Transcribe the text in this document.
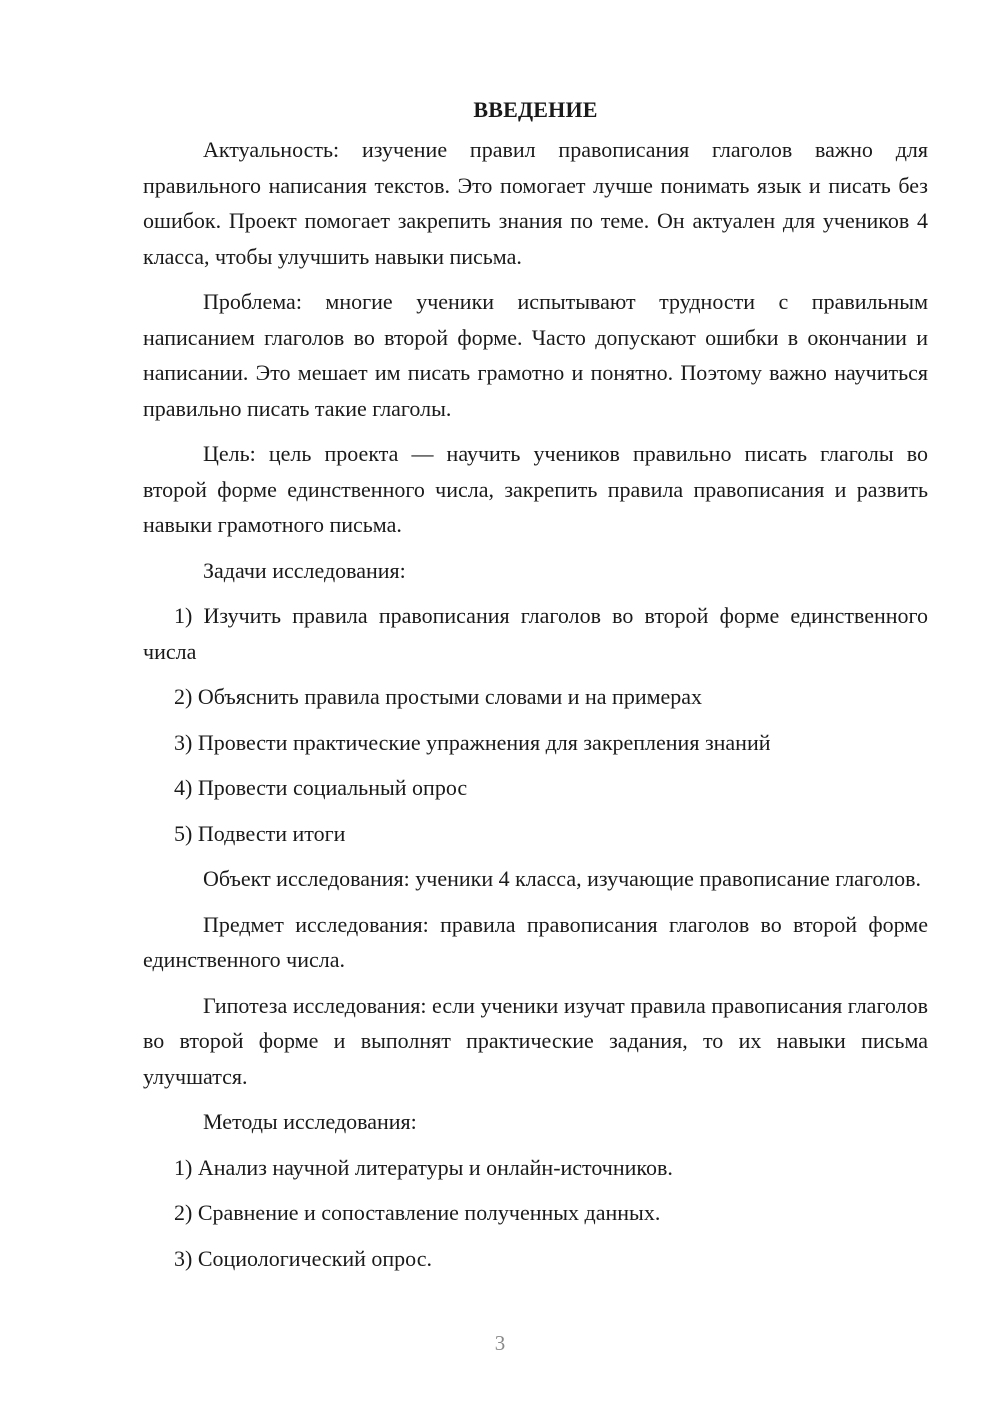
ВВЕДЕНИЕ

Актуальность: изучение правил правописания глаголов важно для правильного написания текстов. Это помогает лучше понимать язык и писать без ошибок. Проект помогает закрепить знания по теме. Он актуален для учеников 4 класса, чтобы улучшить навыки письма.

Проблема: многие ученики испытывают трудности с правильным написанием глаголов во второй форме. Часто допускают ошибки в окончании и написании. Это мешает им писать грамотно и понятно. Поэтому важно научиться правильно писать такие глаголы.

Цель: цель проекта — научить учеников правильно писать глаголы во второй форме единственного числа, закрепить правила правописания и развить навыки грамотного письма.

Задачи исследования:

1) Изучить правила правописания глаголов во второй форме единственного числа

2) Объяснить правила простыми словами и на примерах

3) Провести практические упражнения для закрепления знаний

4) Провести социальный опрос

5) Подвести итоги

Объект исследования: ученики 4 класса, изучающие правописание глаголов.

Предмет исследования: правила правописания глаголов во второй форме единственного числа.

Гипотеза исследования: если ученики изучат правила правописания глаголов во второй форме и выполнят практические задания, то их навыки письма улучшатся.

Методы исследования:

1) Анализ научной литературы и онлайн-источников.

2) Сравнение и сопоставление полученных данных.

3) Социологический опрос.

3
